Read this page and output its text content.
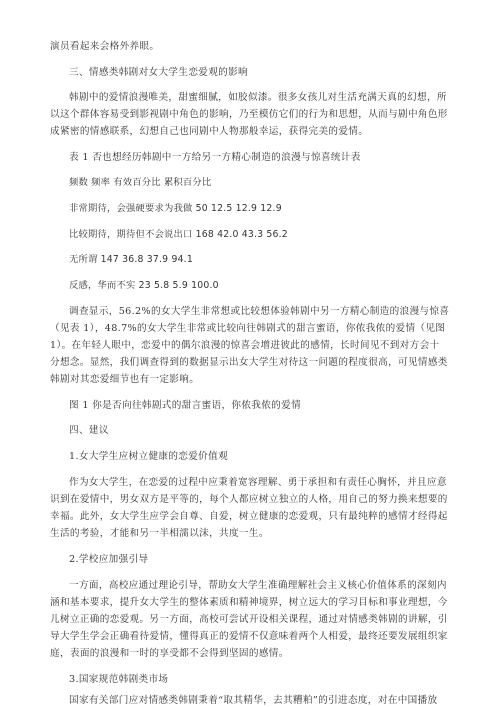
演员看起来会格外养眼。
三、情感类韩剧对女大学生恋爱观的影响
韩剧中的爱情浪漫唯美，甜蜜细腻，如胶似漆。很多女孩儿对生活充满天真的幻想，所
以这个群体容易受到影视剧中角色的影响，乃至模仿它们的行为和思想，从而与剧中角色形
成紧密的情感联系，幻想自己也同剧中人物那般幸运，获得完美的爱情。
表 1 否也想经历韩剧中一方给另一方精心制造的浪漫与惊喜统计表
频数 频率 有效百分比 累积百分比
非常期待，会强硬要求为我做 50 12.5 12.9 12.9
比较期待，期待但不会说出口 168 42.0 43.3 56.2
无所谓 147 36.8 37.9 94.1
反感，华而不实 23 5.8 5.9 100.0
调查显示，56.2%的女大学生非常想或比较想体验韩剧中另一方精心制造的浪漫与惊喜
（见表 1），48.7%的女大学生非常或比较向往韩剧式的甜言蜜语，你侬我侬的爱情（见图
1）。在年轻人眼中，恋爱中的偶尔浪漫的惊喜会增进彼此的感情，长时间见不到对方会十
分想念。显然，我们调查得到的数据显示出女大学生对待这一问题的程度很高，可见情感类
韩剧对其恋爱细节也有一定影响。
图 1 你是否向往韩剧式的甜言蜜语，你侬我侬的爱情
四、建议
1.女大学生应树立健康的恋爱价值观
作为女大学生，在恋爱的过程中应秉着宽容理解、勇于承担和有责任心胸怀，并且应意
识到在爱情中，男女双方是平等的，每个人都应树立独立的人格，用自己的努力换来想要的
幸福。此外，女大学生应学会自尊、自爱，树立健康的恋爱观，只有最纯粹的感情才经得起
生活的考验，才能和另一半相濡以沫，共度一生。
2.学校应加强引导
一方面，高校应通过理论引导，帮助女大学生准确理解社会主义核心价值体系的深刻内
涵和基本要求，提升女大学生的整体素质和精神境界，树立远大的学习目标和事业理想，今
儿树立正确的恋爱观。另一方面，高校可尝试开设相关课程，通过对情感类韩剧的讲解，引
导大学生学会正确看待爱情，懂得真正的爱情不仅意味着两个人相爱，最终还要发展组织家
庭，表面的浪漫和一时的享受都不会得到坚固的感情。
3.国家规范韩剧类市场
国家有关部门应对情感类韩剧秉着“取其精华，去其糟粕”的引进态度，对在中国播放
